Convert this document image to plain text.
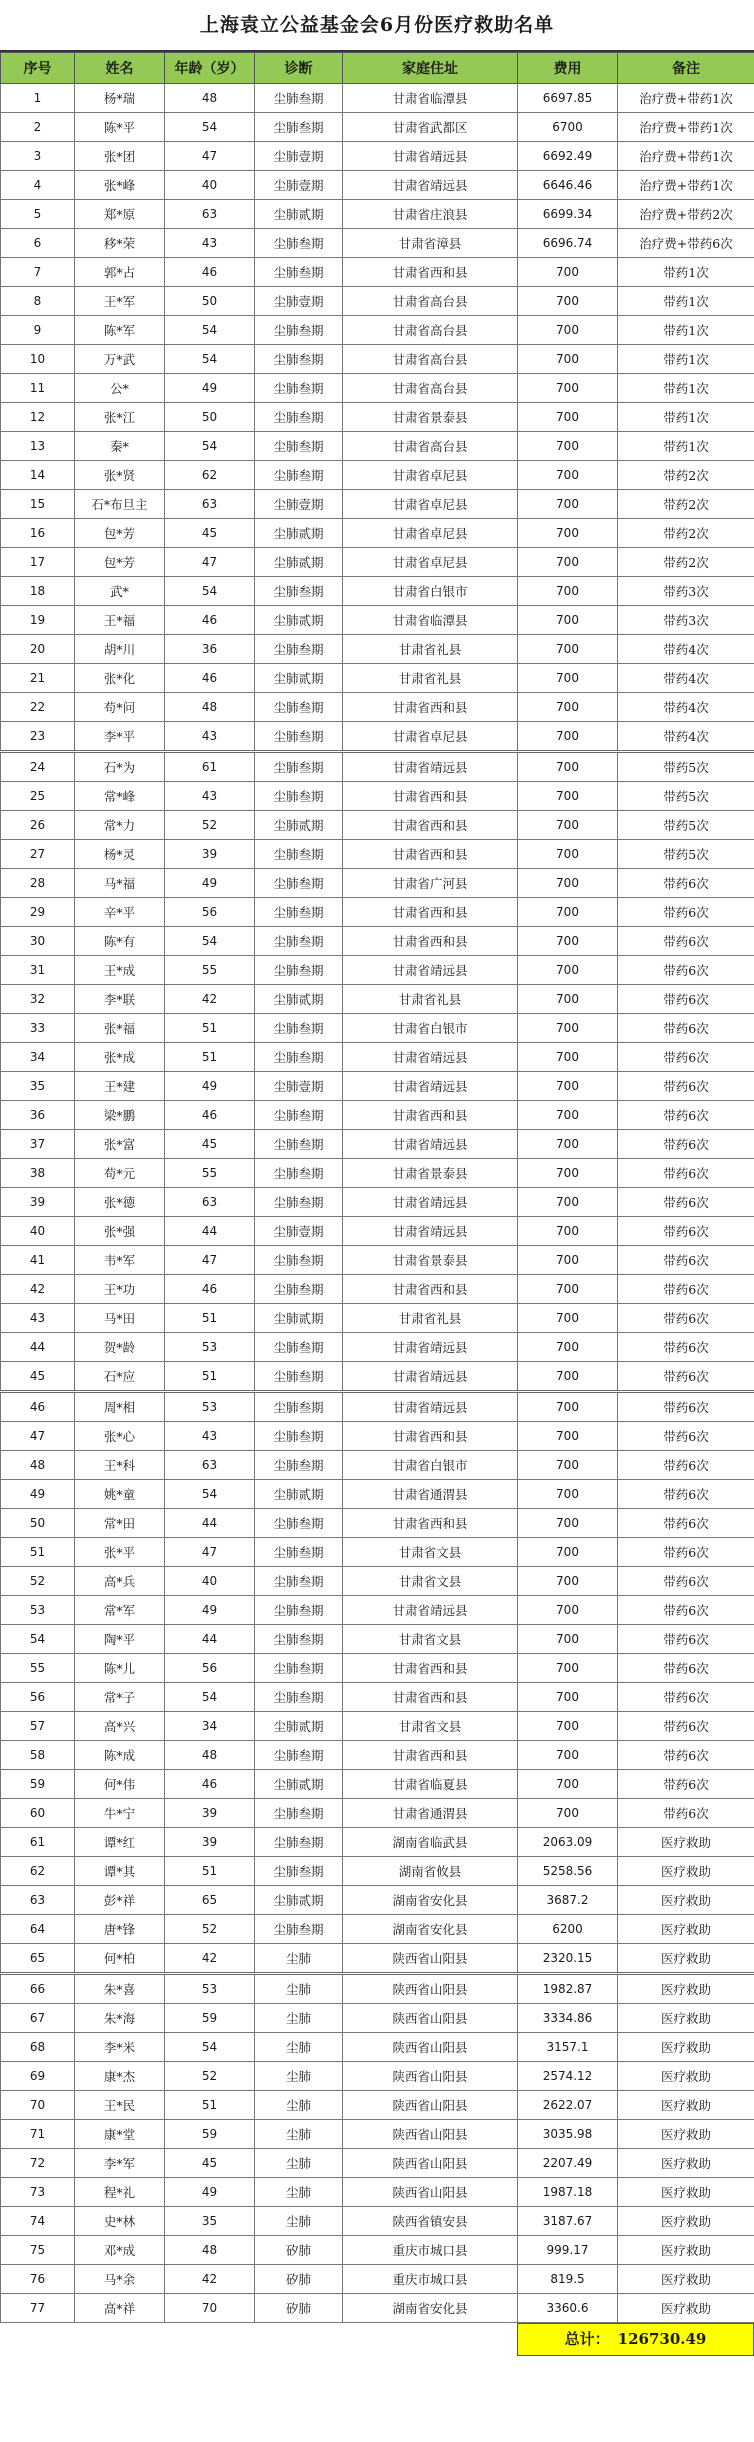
上海袁立公益基金会6月份医疗救助名单
序号	姓名	年龄（岁）	诊断	家庭住址	费用	备注
1	杨*瑞	48	尘肺叁期	甘肃省临潭县	6697.85	治疗费+带药1次
2	陈*平	54	尘肺叁期	甘肃省武都区	6700	治疗费+带药1次
3	张*团	47	尘肺壹期	甘肃省靖远县	6692.49	治疗费+带药1次
4	张*峰	40	尘肺壹期	甘肃省靖远县	6646.46	治疗费+带药1次
5	郑*原	63	尘肺贰期	甘肃省庄浪县	6699.34	治疗费+带药2次
6	移*荣	43	尘肺叁期	甘肃省漳县	6696.74	治疗费+带药6次
7	郭*占	46	尘肺叁期	甘肃省西和县	700	带药1次
8	王*军	50	尘肺壹期	甘肃省高台县	700	带药1次
9	陈*军	54	尘肺叁期	甘肃省高台县	700	带药1次
10	万*武	54	尘肺叁期	甘肃省高台县	700	带药1次
11	公*	49	尘肺叁期	甘肃省高台县	700	带药1次
12	张*江	50	尘肺叁期	甘肃省景泰县	700	带药1次
13	秦*	54	尘肺叁期	甘肃省高台县	700	带药1次
14	张*贤	62	尘肺叁期	甘肃省卓尼县	700	带药2次
15	石*布旦主	63	尘肺壹期	甘肃省卓尼县	700	带药2次
16	包*芳	45	尘肺贰期	甘肃省卓尼县	700	带药2次
17	包*芳	47	尘肺贰期	甘肃省卓尼县	700	带药2次
18	武*	54	尘肺叁期	甘肃省白银市	700	带药3次
19	王*福	46	尘肺贰期	甘肃省临潭县	700	带药3次
20	胡*川	36	尘肺叁期	甘肃省礼县	700	带药4次
21	张*化	46	尘肺贰期	甘肃省礼县	700	带药4次
22	苟*问	48	尘肺叁期	甘肃省西和县	700	带药4次
23	李*平	43	尘肺叁期	甘肃省卓尼县	700	带药4次
24	石*为	61	尘肺叁期	甘肃省靖远县	700	带药5次
25	常*峰	43	尘肺叁期	甘肃省西和县	700	带药5次
26	常*力	52	尘肺贰期	甘肃省西和县	700	带药5次
27	杨*灵	39	尘肺叁期	甘肃省西和县	700	带药5次
28	马*福	49	尘肺叁期	甘肃省广河县	700	带药6次
29	辛*平	56	尘肺叁期	甘肃省西和县	700	带药6次
30	陈*有	54	尘肺叁期	甘肃省西和县	700	带药6次
31	王*成	55	尘肺叁期	甘肃省靖远县	700	带药6次
32	李*联	42	尘肺贰期	甘肃省礼县	700	带药6次
33	张*福	51	尘肺叁期	甘肃省白银市	700	带药6次
34	张*成	51	尘肺叁期	甘肃省靖远县	700	带药6次
35	王*建	49	尘肺壹期	甘肃省靖远县	700	带药6次
36	梁*鹏	46	尘肺叁期	甘肃省西和县	700	带药6次
37	张*富	45	尘肺叁期	甘肃省靖远县	700	带药6次
38	苟*元	55	尘肺叁期	甘肃省景泰县	700	带药6次
39	张*德	63	尘肺叁期	甘肃省靖远县	700	带药6次
40	张*强	44	尘肺壹期	甘肃省靖远县	700	带药6次
41	韦*军	47	尘肺叁期	甘肃省景泰县	700	带药6次
42	王*功	46	尘肺叁期	甘肃省西和县	700	带药6次
43	马*田	51	尘肺贰期	甘肃省礼县	700	带药6次
44	贺*龄	53	尘肺叁期	甘肃省靖远县	700	带药6次
45	石*应	51	尘肺叁期	甘肃省靖远县	700	带药6次
46	周*相	53	尘肺叁期	甘肃省靖远县	700	带药6次
47	张*心	43	尘肺叁期	甘肃省西和县	700	带药6次
48	王*科	63	尘肺叁期	甘肃省白银市	700	带药6次
49	姚*童	54	尘肺贰期	甘肃省通渭县	700	带药6次
50	常*田	44	尘肺叁期	甘肃省西和县	700	带药6次
51	张*平	47	尘肺叁期	甘肃省文县	700	带药6次
52	高*兵	40	尘肺叁期	甘肃省文县	700	带药6次
53	常*军	49	尘肺叁期	甘肃省靖远县	700	带药6次
54	陶*平	44	尘肺叁期	甘肃省文县	700	带药6次
55	陈*儿	56	尘肺叁期	甘肃省西和县	700	带药6次
56	常*子	54	尘肺叁期	甘肃省西和县	700	带药6次
57	高*兴	34	尘肺贰期	甘肃省文县	700	带药6次
58	陈*成	48	尘肺叁期	甘肃省西和县	700	带药6次
59	何*伟	46	尘肺贰期	甘肃省临夏县	700	带药6次
60	牛*宁	39	尘肺叁期	甘肃省通渭县	700	带药6次
61	谭*红	39	尘肺叁期	湖南省临武县	2063.09	医疗救助
62	谭*其	51	尘肺叁期	湖南省攸县	5258.56	医疗救助
63	彭*祥	65	尘肺贰期	湖南省安化县	3687.2	医疗救助
64	唐*锋	52	尘肺叁期	湖南省安化县	6200	医疗救助
65	何*柏	42	尘肺	陕西省山阳县	2320.15	医疗救助
66	朱*喜	53	尘肺	陕西省山阳县	1982.87	医疗救助
67	朱*海	59	尘肺	陕西省山阳县	3334.86	医疗救助
68	李*米	54	尘肺	陕西省山阳县	3157.1	医疗救助
69	康*杰	52	尘肺	陕西省山阳县	2574.12	医疗救助
70	王*民	51	尘肺	陕西省山阳县	2622.07	医疗救助
71	康*堂	59	尘肺	陕西省山阳县	3035.98	医疗救助
72	李*军	45	尘肺	陕西省山阳县	2207.49	医疗救助
73	程*礼	49	尘肺	陕西省山阳县	1987.18	医疗救助
74	史*林	35	尘肺	陕西省镇安县	3187.67	医疗救助
75	邓*成	48	矽肺	重庆市城口县	999.17	医疗救助
76	马*余	42	矽肺	重庆市城口县	819.5	医疗救助
77	高*祥	70	矽肺	湖南省安化县	3360.6	医疗救助
总计： 126730.49
